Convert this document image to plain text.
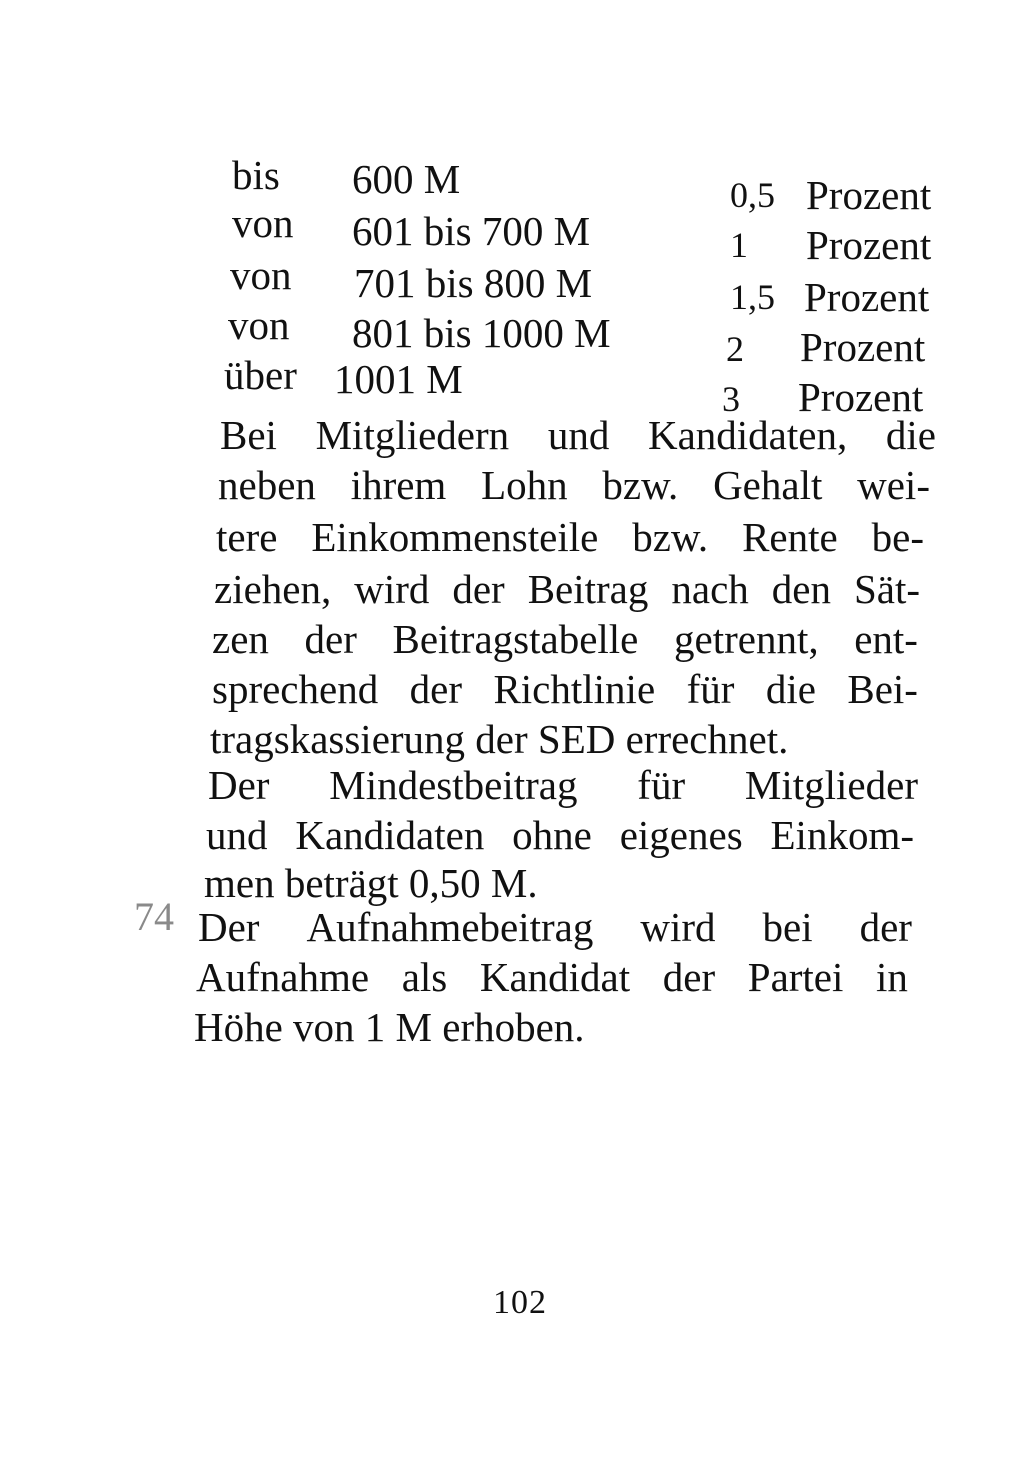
bis 600 M	0,5 Prozent
von 601 bis 700 M	1 Prozent
von 701 bis 800 M	1,5 Prozent
von 801 bis 1000 M	2 Prozent
über 1001 M	3 Prozent
Bei Mitgliedern und Kandidaten, die
neben ihrem Lohn bzw. Gehalt wei-
tere Einkommensteile bzw. Rente be-
ziehen, wird der Beitrag nach den Sät-
zen der Beitragstabelle getrennt, ent-
sprechend der Richtlinie für die Bei-
tragskassierung der SED errechnet.
Der Mindestbeitrag für Mitglieder
und Kandidaten ohne eigenes Einkom-
men beträgt 0,50 M.
74 Der Aufnahmebeitrag wird bei der
Aufnahme als Kandidat der Partei in
Höhe von 1 M erhoben.
102
